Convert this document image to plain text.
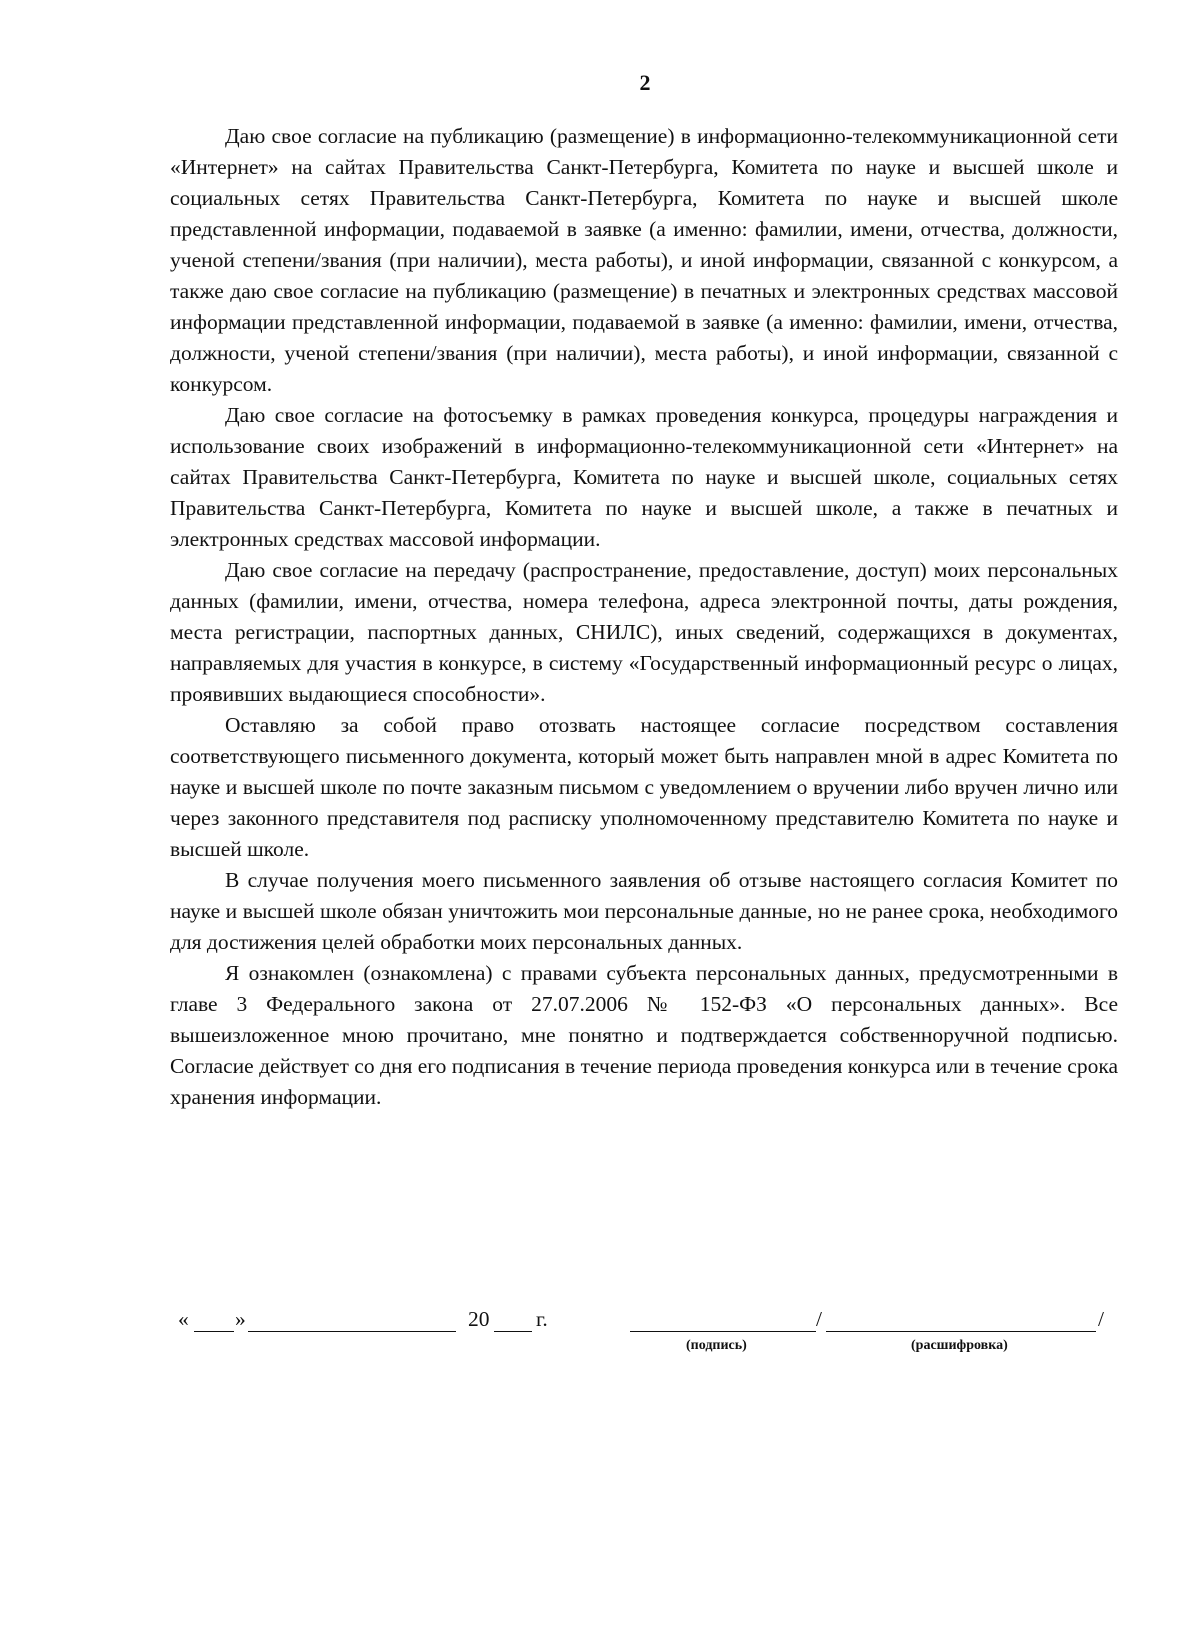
2

Даю свое согласие на публикацию (размещение) в информационно-телекоммуникационной сети «Интернет» на сайтах Правительства Санкт-Петербурга, Комитета по науке и высшей школе и социальных сетях Правительства Санкт-Петербурга, Комитета по науке и высшей школе представленной информации, подаваемой в заявке (а именно: фамилии, имени, отчества, должности, ученой степени/звания (при наличии), места работы), и иной информации, связанной с конкурсом, а также даю свое согласие на публикацию (размещение) в печатных и электронных средствах массовой информации представленной информации, подаваемой в заявке (а именно: фамилии, имени, отчества, должности, ученой степени/звания (при наличии), места работы), и иной информации, связанной с конкурсом.

Даю свое согласие на фотосъемку в рамках проведения конкурса, процедуры награждения и использование своих изображений в информационно-телекоммуникационной сети «Интернет» на сайтах Правительства Санкт-Петербурга, Комитета по науке и высшей школе, социальных сетях Правительства Санкт-Петербурга, Комитета по науке и высшей школе, а также в печатных и электронных средствах массовой информации.

Даю свое согласие на передачу (распространение, предоставление, доступ) моих персональных данных (фамилии, имени, отчества, номера телефона, адреса электронной почты, даты рождения, места регистрации, паспортных данных, СНИЛС), иных сведений, содержащихся в документах, направляемых для участия в конкурсе, в систему «Государственный информационный ресурс о лицах, проявивших выдающиеся способности».

Оставляю за собой право отозвать настоящее согласие посредством составления соответствующего письменного документа, который может быть направлен мной в адрес Комитета по науке и высшей школе по почте заказным письмом с уведомлением о вручении либо вручен лично или через законного представителя под расписку уполномоченному представителю Комитета по науке и высшей школе.

В случае получения моего письменного заявления об отзыве настоящего согласия Комитет по науке и высшей школе обязан уничтожить мои персональные данные, но не ранее срока, необходимого для достижения целей обработки моих персональных данных.

Я ознакомлен (ознакомлена) с правами субъекта персональных данных, предусмотренными в главе 3 Федерального закона от 27.07.2006 № 152-ФЗ «О персональных данных». Все вышеизложенное мною прочитано, мне понятно и подтверждается собственноручной подписью. Согласие действует со дня его подписания в течение периода проведения конкурса или в течение срока хранения информации.

« »	20 г.	/	/
(подпись)	(расшифровка)
